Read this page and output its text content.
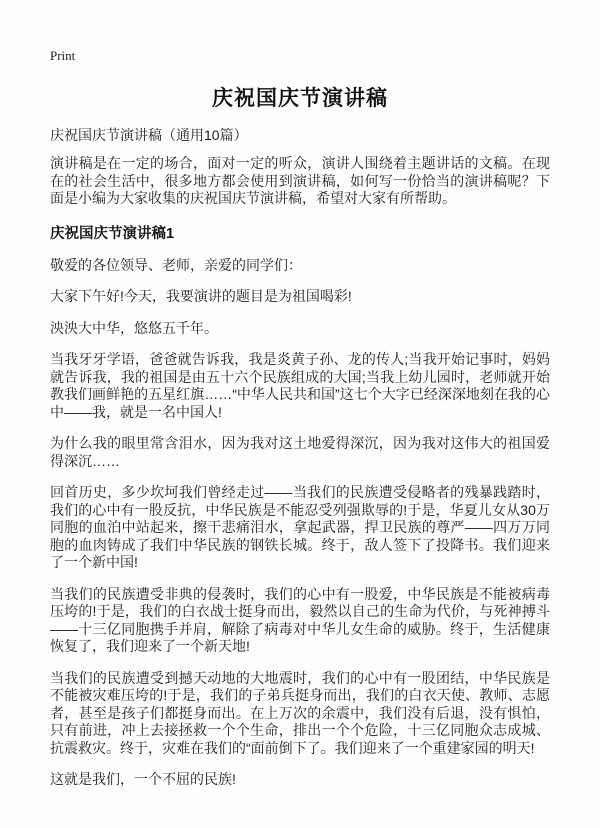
Print
庆祝国庆节演讲稿

庆祝国庆节演讲稿（通用10篇）

演讲稿是在一定的场合，面对一定的听众，演讲人围绕着主题讲话的文稿。在现在的社会生活中，很多地方都会使用到演讲稿，如何写一份恰当的演讲稿呢？下面是小编为大家收集的庆祝国庆节演讲稿，希望对大家有所帮助。

庆祝国庆节演讲稿1

敬爱的各位领导、老师，亲爱的同学们：

大家下午好!今天，我要演讲的题目是为祖国喝彩!

泱泱大中华，悠悠五千年。

当我牙牙学语，爸爸就告诉我，我是炎黄子孙、龙的传人;当我开始记事时，妈妈就告诉我，我的祖国是由五十六个民族组成的大国;当我上幼儿园时，老师就开始教我们画鲜艳的五星红旗……“中华人民共和国”这七个大字已经深深地刻在我的心中——我，就是一名中国人!

为什么我的眼里常含泪水，因为我对这土地爱得深沉，因为我对这伟大的祖国爱得深沉……

回首历史，多少坎坷我们曾经走过——当我们的民族遭受侵略者的残暴践踏时，我们的心中有一股反抗，中华民族是不能忍受列强欺辱的!于是，华夏儿女从30万同胞的血泊中站起来，擦干悲痛泪水，拿起武器，捍卫民族的尊严——四万万同胞的血肉铸成了我们中华民族的钢铁长城。终于，敌人签下了投降书。我们迎来了一个新中国!

当我们的民族遭受非典的侵袭时，我们的心中有一股爱，中华民族是不能被病毒压垮的!于是，我们的白衣战士挺身而出，毅然以自己的生命为代价，与死神搏斗——十三亿同胞携手并肩，解除了病毒对中华儿女生命的威胁。终于，生活健康恢复了，我们迎来了一个新天地!

当我们的民族遭受到撼天动地的大地震时，我们的心中有一股团结，中华民族是不能被灾难压垮的!于是，我们的子弟兵挺身而出，我们的白衣天使、教师、志愿者，甚至是孩子们都挺身而出。在上万次的余震中，我们没有后退，没有惧怕，只有前进，冲上去接拯救一个个生命，排出一个个危险，十三亿同胞众志成城、抗震救灾。终于，灾难在我们的“面前倒下了。我们迎来了一个重建家园的明天!

这就是我们，一个不屈的民族!
